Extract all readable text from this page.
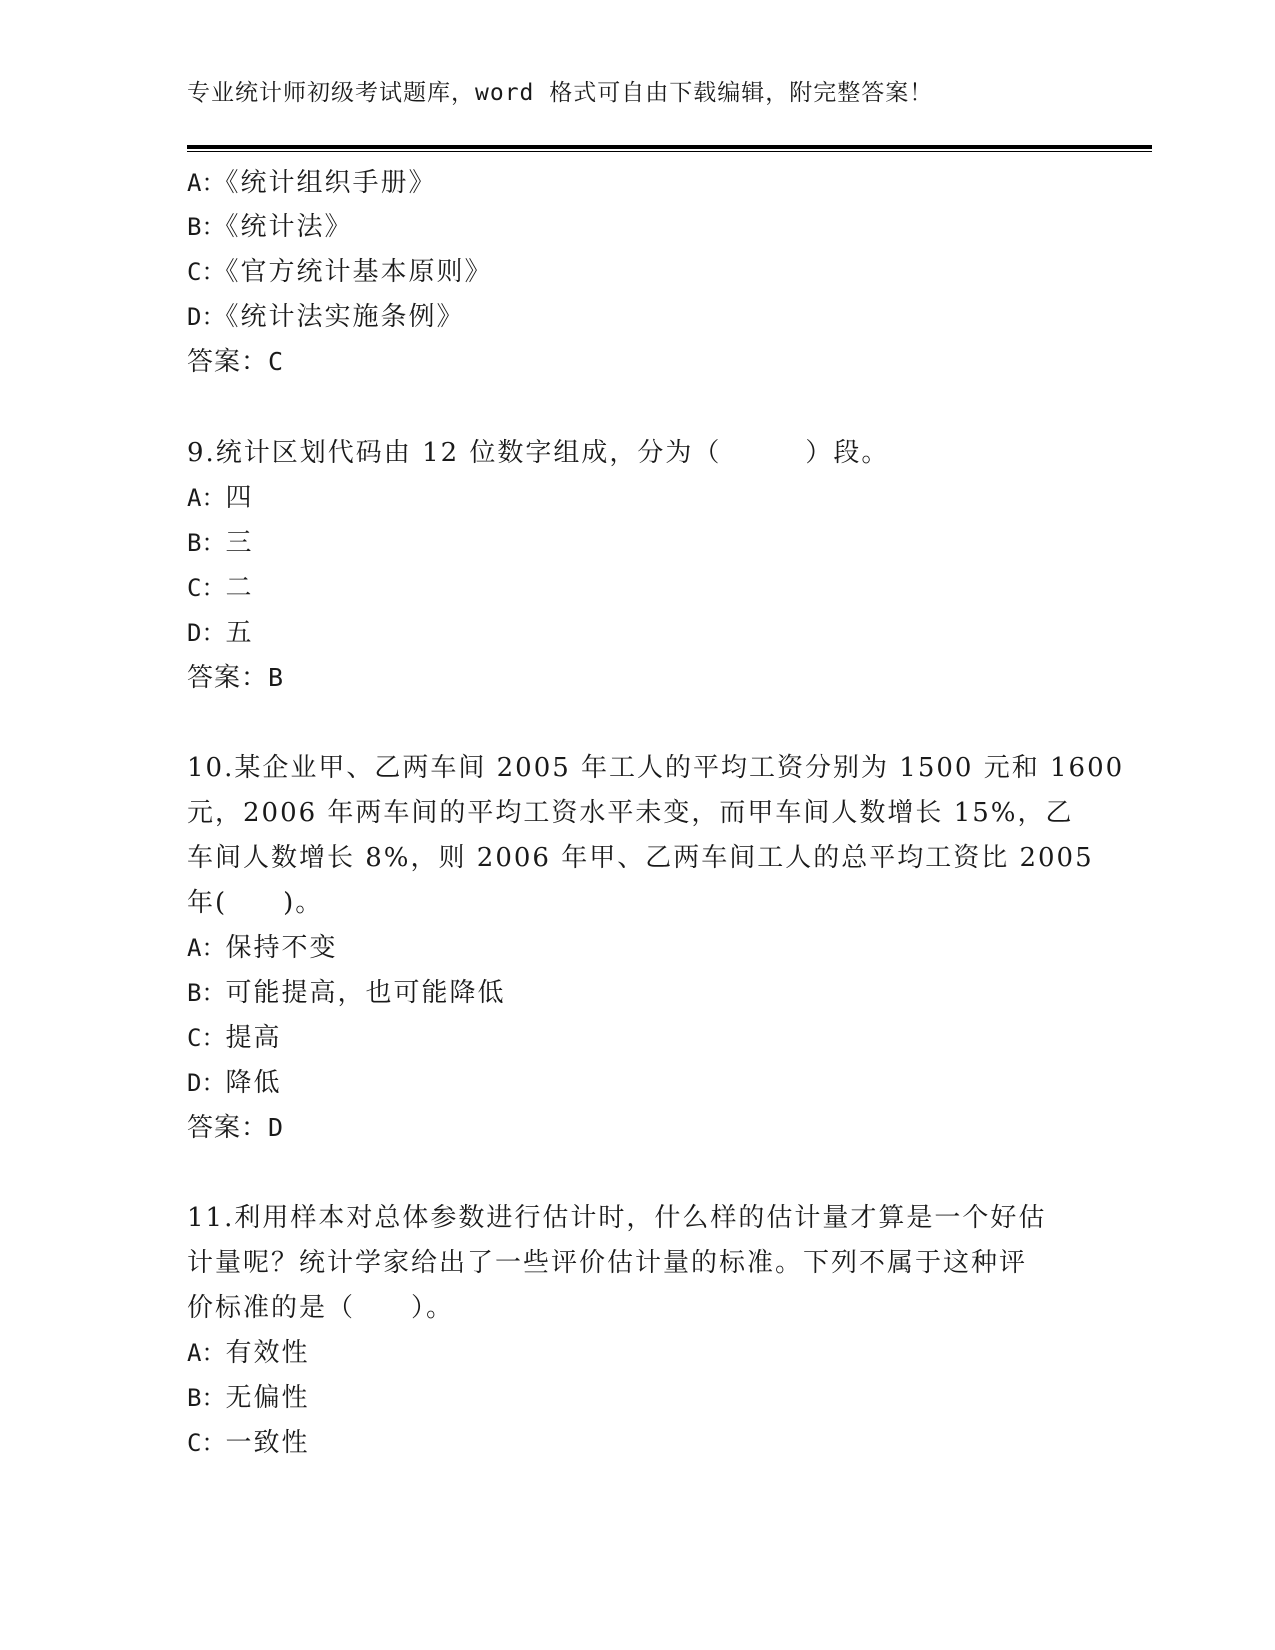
专业统计师初级考试题库，word 格式可自由下载编辑，附完整答案！
A：《统计组织手册》
B：《统计法》
C：《官方统计基本原则》
D：《统计法实施条例》
答案：C
9.统计区划代码由 12 位数字组成，分为（　　　）段。
A：四
B：三
C：二
D：五
答案：B
10.某企业甲、乙两车间 2005 年工人的平均工资分别为 1500 元和 1600
元，2006 年两车间的平均工资水平未变，而甲车间人数增长 15%，乙
车间人数增长 8%，则 2006 年甲、乙两车间工人的总平均工资比 2005
年(　　)。
A：保持不变
B：可能提高，也可能降低
C：提高
D：降低
答案：D
11.利用样本对总体参数进行估计时，什么样的估计量才算是一个好估
计量呢？统计学家给出了一些评价估计量的标准。下列不属于这种评
价标准的是（　　）。
A：有效性
B：无偏性
C：一致性
